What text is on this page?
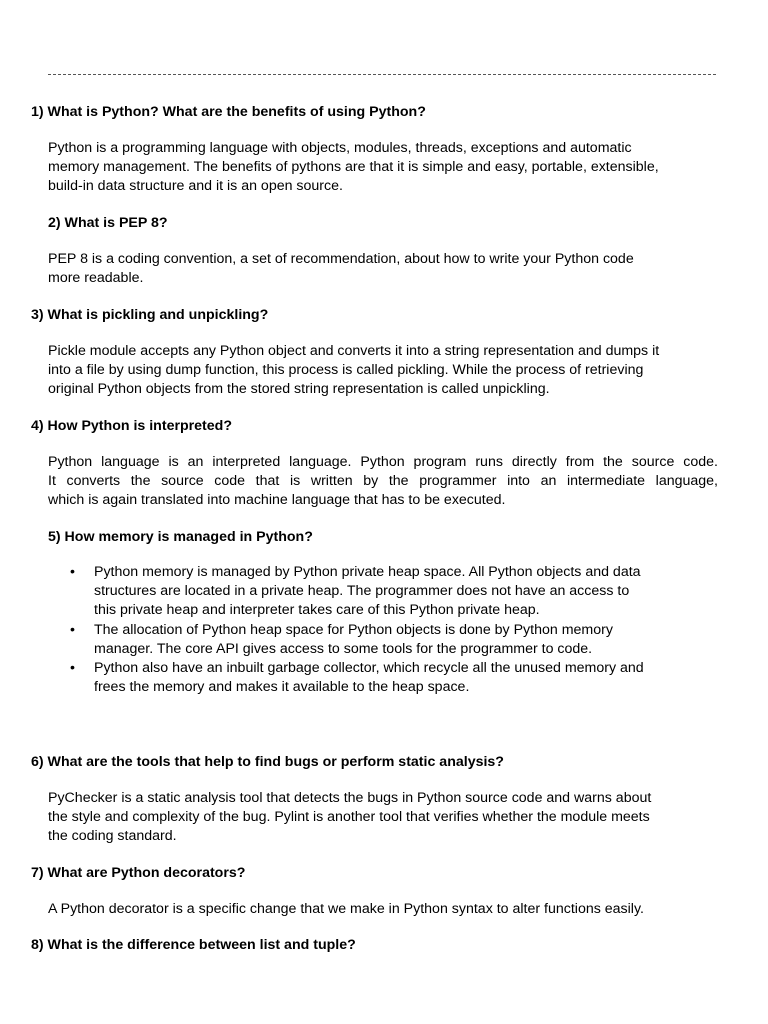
1) What is Python? What are the benefits of using Python?

Python is a programming language with objects, modules, threads, exceptions and automatic
memory management. The benefits of pythons are that it is simple and easy, portable, extensible,
build-in data structure and it is an open source.

2) What is PEP 8?

PEP 8 is a coding convention, a set of recommendation, about how to write your Python code
more readable.

3) What is pickling and unpickling?

Pickle module accepts any Python object and converts it into a string representation and dumps it
into a file by using dump function, this process is called pickling. While the process of retrieving
original Python objects from the stored string representation is called unpickling.

4) How Python is interpreted?

Python language is an interpreted language. Python program runs directly from the source code.
It converts the source code that is written by the programmer into an intermediate language,
which is again translated into machine language that has to be executed.

5) How memory is managed in Python?

• Python memory is managed by Python private heap space. All Python objects and data
structures are located in a private heap. The programmer does not have an access to
this private heap and interpreter takes care of this Python private heap.
• The allocation of Python heap space for Python objects is done by Python memory
manager. The core API gives access to some tools for the programmer to code.
• Python also have an inbuilt garbage collector, which recycle all the unused memory and
frees the memory and makes it available to the heap space.

6) What are the tools that help to find bugs or perform static analysis?

PyChecker is a static analysis tool that detects the bugs in Python source code and warns about
the style and complexity of the bug. Pylint is another tool that verifies whether the module meets
the coding standard.

7) What are Python decorators?

A Python decorator is a specific change that we make in Python syntax to alter functions easily.

8) What is the difference between list and tuple?
